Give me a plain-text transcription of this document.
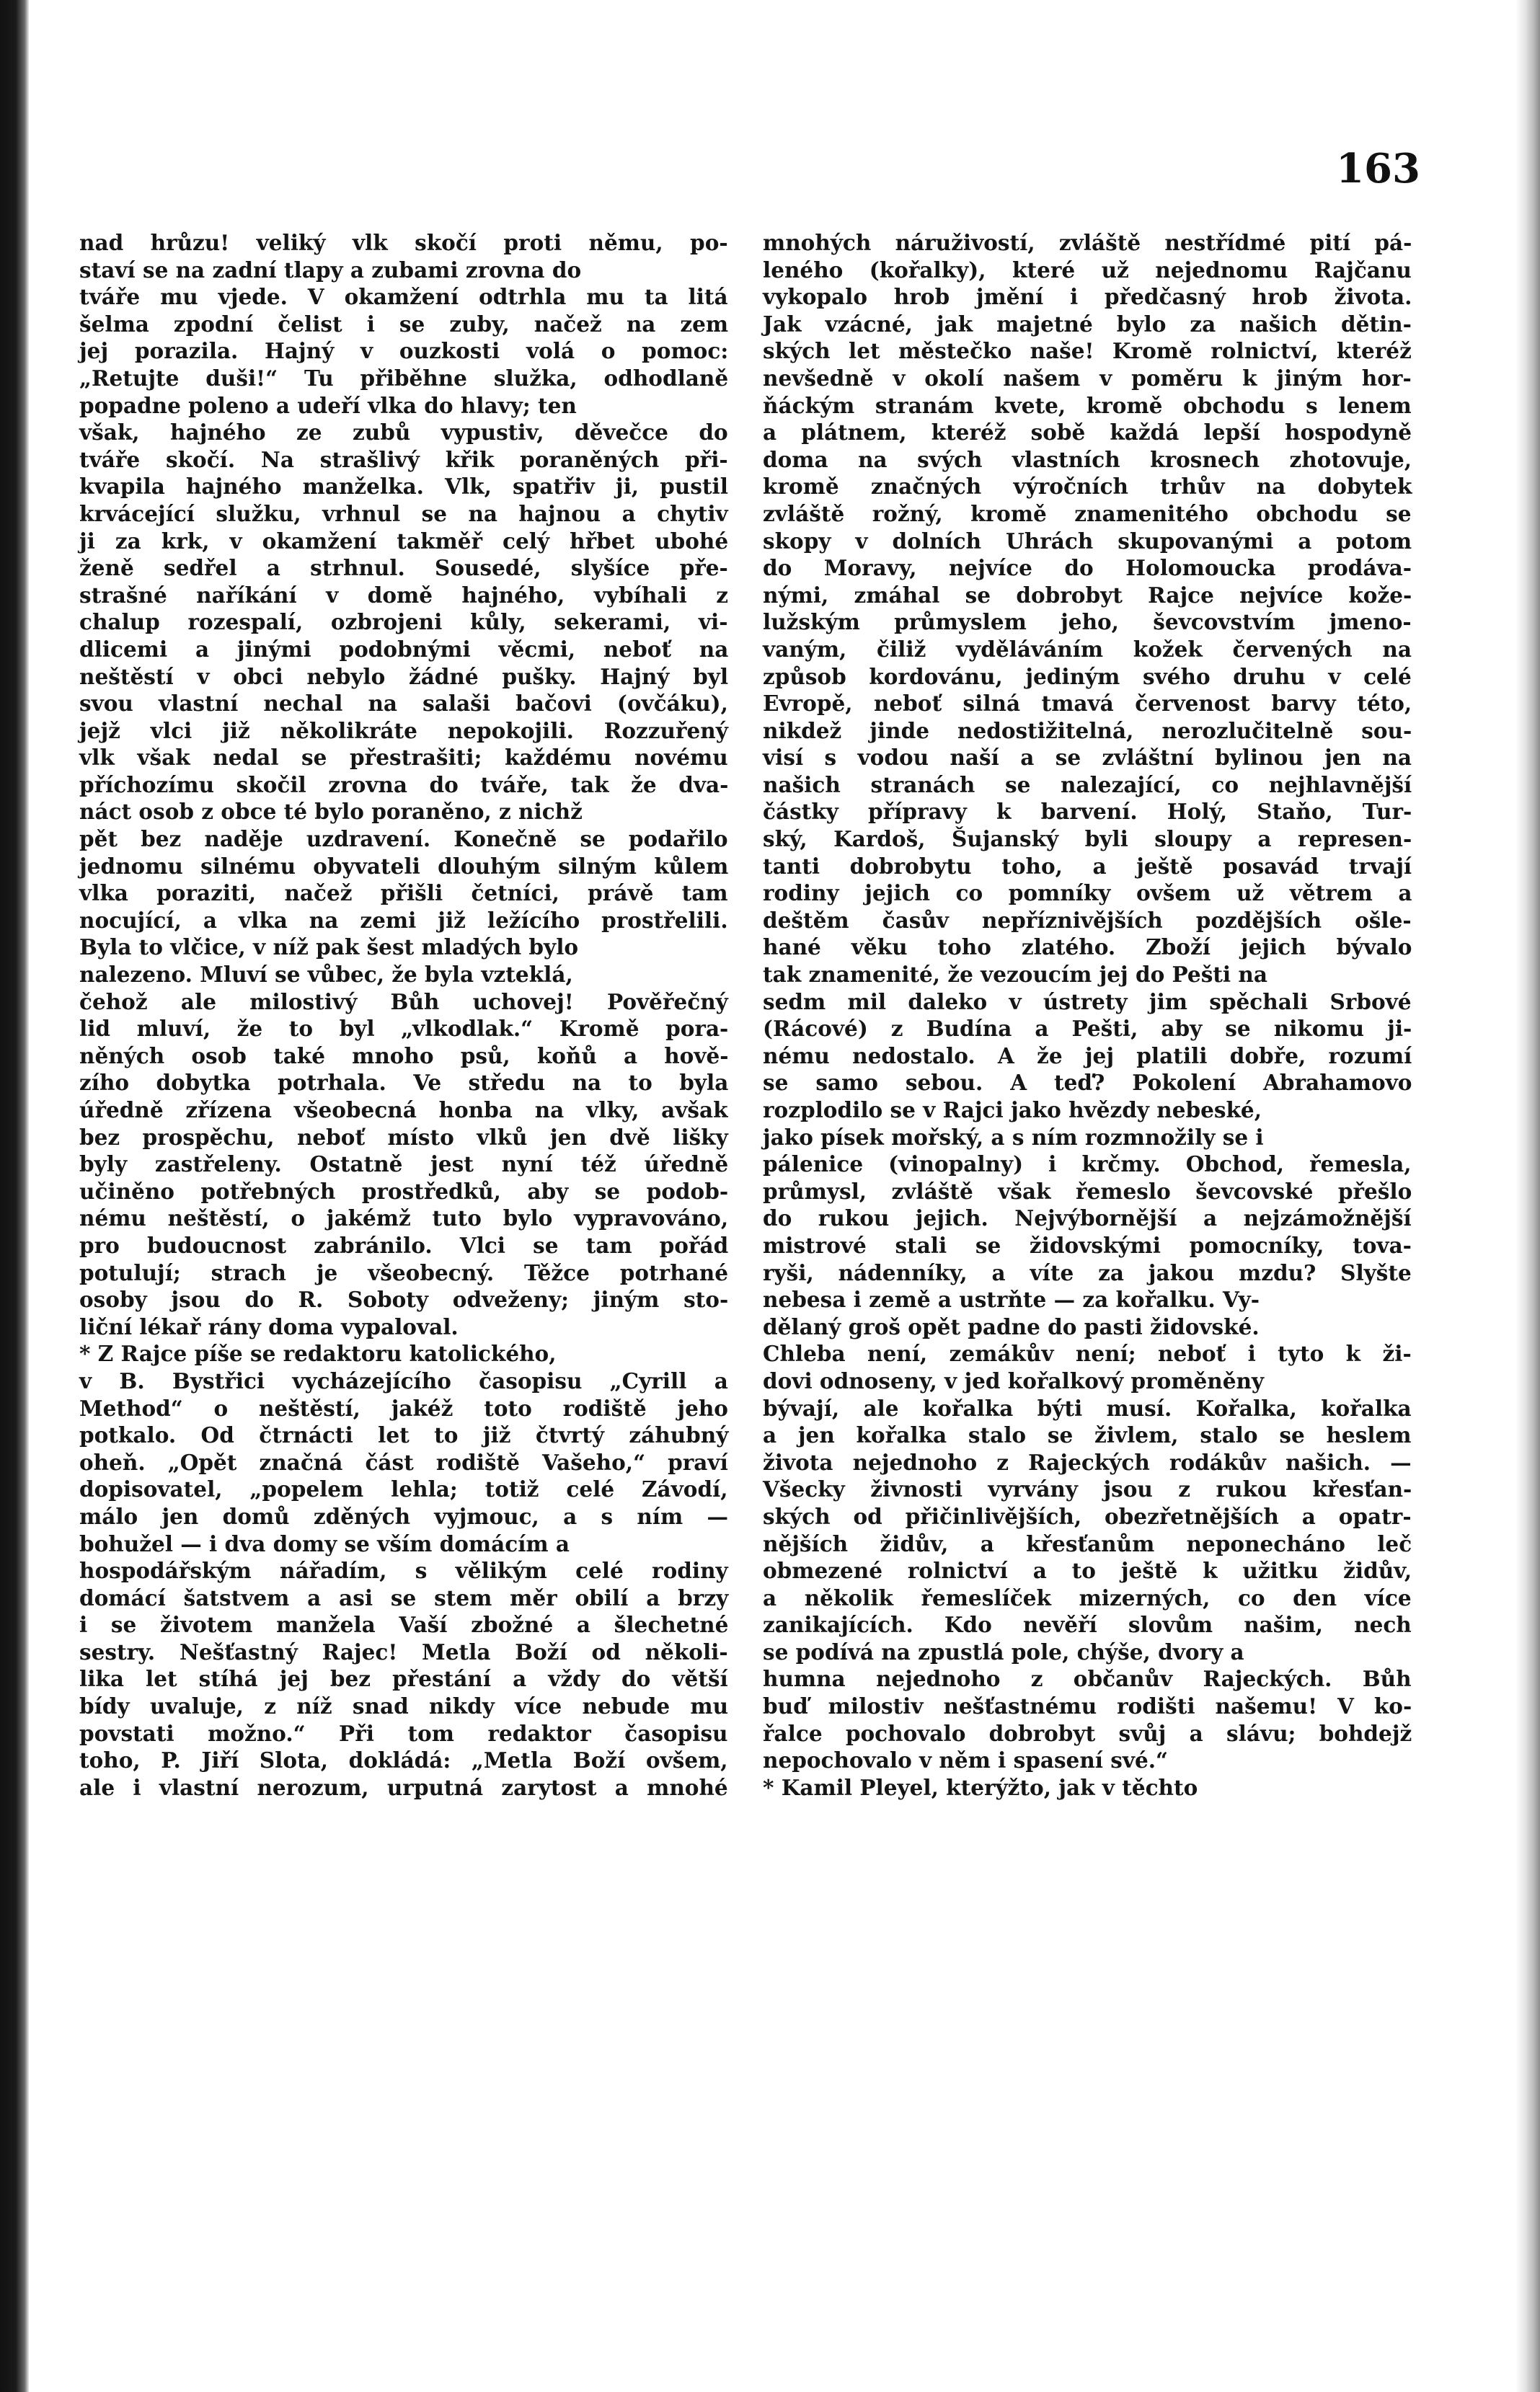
163
nad hrůzu! veliký vlk skočí proti němu, po-
staví se na zadní tlapy a zubami zrovna do
tváře mu vjede. V okamžení odtrhla mu ta litá
šelma zpodní čelist i se zuby, načež na zem
jej porazila. Hajný v ouzkosti volá o pomoc:
„Retujte duši!“ Tu přiběhne služka, odhodlaně
popadne poleno a udeří vlka do hlavy; ten
však, hajného ze zubů vypustiv, děvečce do
tváře skočí. Na strašlivý křik poraněných při-
kvapila hajného manželka. Vlk, spatřiv ji, pustil
krvácející služku, vrhnul se na hajnou a chytiv
ji za krk, v okamžení takměř celý hřbet ubohé
ženě sedřel a strhnul. Sousedé, slyšíce pře-
strašné naříkání v domě hajného, vybíhali z
chalup rozespalí, ozbrojeni kůly, sekerami, vi-
dlicemi a jinými podobnými věcmi, neboť na
neštěstí v obci nebylo žádné pušky. Hajný byl
svou vlastní nechal na salaši bačovi (ovčáku),
jejž vlci již několikráte nepokojili. Rozzuřený
vlk však nedal se přestrašiti; každému novému
příchozímu skočil zrovna do tváře, tak že dva-
náct osob z obce té bylo poraněno, z nichž
pět bez naděje uzdravení. Konečně se podařilo
jednomu silnému obyvateli dlouhým silným kůlem
vlka poraziti, načež přišli četníci, právě tam
nocující, a vlka na zemi již ležícího prostřelili.
Byla to vlčice, v níž pak šest mladých bylo
nalezeno. Mluví se vůbec, že byla vzteklá,
čehož ale milostivý Bůh uchovej! Pověřečný
lid mluví, že to byl „vlkodlak.“ Kromě pora-
něných osob také mnoho psů, koňů a hově-
zího dobytka potrhala. Ve středu na to byla
úředně zřízena všeobecná honba na vlky, avšak
bez prospěchu, neboť místo vlků jen dvě lišky
byly zastřeleny. Ostatně jest nyní též úředně
učiněno potřebných prostředků, aby se podob-
nému neštěstí, o jakémž tuto bylo vypravováno,
pro budoucnost zabránilo. Vlci se tam pořád
potulují; strach je všeobecný. Těžce potrhané
osoby jsou do R. Soboty odveženy; jiným sto-
liční lékař rány doma vypaloval.
* Z Rajce píše se redaktoru katolického,
v B. Bystřici vycházejícího časopisu „Cyrill a
Method“ o neštěstí, jakéž toto rodiště jeho
potkalo. Od čtrnácti let to již čtvrtý záhubný
oheň. „Opět značná část rodiště Vašeho,“ praví
dopisovatel, „popelem lehla; totiž celé Závodí,
málo jen domů zděných vyjmouc, a s ním —
bohužel — i dva domy se vším domácím a
hospodářským nářadím, s vělikým celé rodiny
domácí šatstvem a asi se stem měr obilí a brzy
i se životem manžela Vaší zbožné a šlechetné
sestry. Nešťastný Rajec! Metla Boží od několi-
lika let stíhá jej bez přestání a vždy do větší
bídy uvaluje, z níž snad nikdy více nebude mu
povstati možno.“ Při tom redaktor časopisu
toho, P. Jiří Slota, dokládá: „Metla Boží ovšem,
ale i vlastní nerozum, urputná zarytost a mnohé
mnohých náruživostí, zvláště nestřídmé pití pá-
leného (kořalky), které už nejednomu Rajčanu
vykopalo hrob jmění i předčasný hrob života.
Jak vzácné, jak majetné bylo za našich dětin-
ských let městečko naše! Kromě rolnictví, kteréž
nevšedně v okolí našem v poměru k jiným hor-
ňáckým stranám kvete, kromě obchodu s lenem
a plátnem, kteréž sobě každá lepší hospodyně
doma na svých vlastních krosnech zhotovuje,
kromě značných výročních trhův na dobytek
zvláště rožný, kromě znamenitého obchodu se
skopy v dolních Uhrách skupovanými a potom
do Moravy, nejvíce do Holomoucka prodáva-
nými, zmáhal se dobrobyt Rajce nejvíce kože-
lužským průmyslem jeho, ševcovstvím jmeno-
vaným, čiliž vyděláváním kožek červených na
způsob kordovánu, jediným svého druhu v celé
Evropě, neboť silná tmavá červenost barvy této,
nikdež jinde nedostižitelná, nerozlučitelně sou-
visí s vodou naší a se zvláštní bylinou jen na
našich stranách se nalezající, co nejhlavnější
částky přípravy k barvení. Holý, Staňo, Tur-
ský, Kardoš, Šujanský byli sloupy a represen-
tanti dobrobytu toho, a ještě posavád trvají
rodiny jejich co pomníky ovšem už větrem a
deštěm časův nepříznivějších pozdějších ošle-
hané věku toho zlatého. Zboží jejich bývalo
tak znamenité, že vezoucím jej do Pešti na
sedm mil daleko v ústrety jim spěchali Srbové
(Rácové) z Budína a Pešti, aby se nikomu ji-
nému nedostalo. A že jej platili dobře, rozumí
se samo sebou. A teď? Pokolení Abrahamovo
rozplodilo se v Rajci jako hvězdy nebeské,
jako písek mořský, a s ním rozmnožily se i
pálenice (vinopalny) i krčmy. Obchod, řemesla,
průmysl, zvláště však řemeslo ševcovské přešlo
do rukou jejich. Nejvýbornější a nejzámožnější
mistrové stali se židovskými pomocníky, tova-
ryši, nádenníky, a víte za jakou mzdu? Slyšte
nebesa i země a ustrňte — za kořalku. Vy-
dělaný groš opět padne do pasti židovské.
Chleba není, zemákův není; neboť i tyto k ži-
dovi odnoseny, v jed kořalkový proměněny
bývají, ale kořalka býti musí. Kořalka, kořalka
a jen kořalka stalo se živlem, stalo se heslem
života nejednoho z Rajeckých rodákův našich. —
Všecky živnosti vyrvány jsou z rukou křesťan-
ských od přičinlivějších, obezřetnějších a opatr-
nějších židův, a křesťanům neponecháno leč
obmezené rolnictví a to ještě k užitku židův,
a několik řemeslíček mizerných, co den více
zanikajících. Kdo nevěří slovům našim, nech
se podívá na zpustlá pole, chýše, dvory a
humna nejednoho z občanův Rajeckých. Bůh
buď milostiv nešťastnému rodišti našemu! V ko-
řalce pochovalo dobrobyt svůj a slávu; bohdejž
nepochovalo v něm i spasení své.“
* Kamil Pleyel, kterýžto, jak v těchto
